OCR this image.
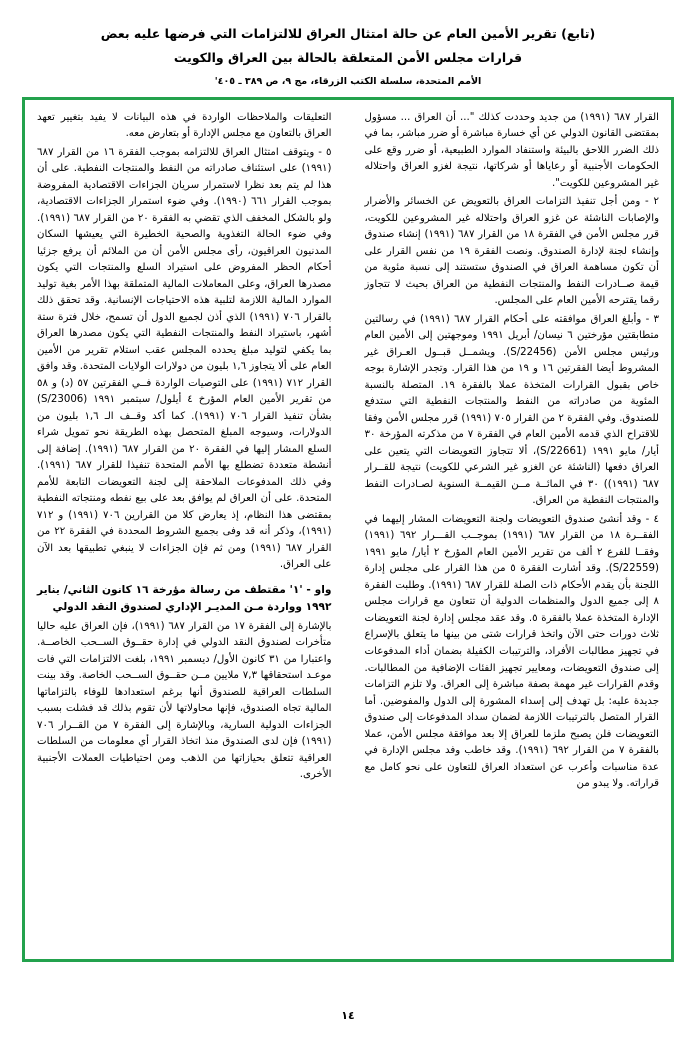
(تابع) تقرير الأمين العام عن حالة امتثال العراق للالتزامات التي فرضها عليه بعض
قرارات مجلس الأمن المتعلقة بالحالة بين العراق والكويت
الأمم المتحدة، سلسلة الكتب الزرقاء، مج ٩، ص ٣٨٩ ـ ٤٠٥'

القرار ٦٨٧ (١٩٩١) من جديد وحددت كذلك "... أن العراق ... مسؤول بمقتضى القانون الدولي عن أي خسارة مباشرة أو ضرر مباشر، بما في ذلك الضرر اللاحق بالبيئة واستنفاد الموارد الطبيعية، أو ضرر وقع على الحكومات الأجنبية أو رعاياها أو شركاتها، نتيجة لغزو العراق واحتلاله غير المشروعين للكويت".

٢ - ومن أجل تنفيذ التزامات العراق بالتعويض عن الخسائر والأضرار والإصابات الناشئة عن غزو العراق واحتلاله غير المشروعين للكويت، قرر مجلس الأمن في الفقرة ١٨ من القرار ٦٨٧ (١٩٩١) إنشاء صندوق وإنشاء لجنة لإدارة الصندوق. ونصت الفقرة ١٩ من نفس القرار على أن تكون مساهمة العراق في الصندوق ستستند إلى نسبة مئوية من قيمة صــادرات النفط والمنتجات النفطية من العراق بحيث لا تتجاوز رقما يقترحه الأمين العام على المجلس.

٣ - وأبلغ العراق موافقته على أحكام القرار ٦٨٧ (١٩٩١) في رسالتين متطابقتين مؤرختين ٦ نيسان/ أبريل ١٩٩١ وموجهتين إلى الأمين العام ورئيس مجلس الأمن (S/22456). ويشمــل قبــول العـراق غير المشروط أيضا الفقرتين ١٦ و ١٩ من هذا القرار. وتجدر الإشارة بوجه خاص بقبول القرارات المتخذة عملا بالفقرة ١٩. المتصلة بالنسبة المئوية من صادراته من النفط والمنتجات النفطية التي ستدفع للصندوق. وفي الفقرة ٢ من القرار ٧٠٥ (١٩٩١) قرر مجلس الأمن وفقا للاقتراح الذي قدمه الأمين العام في الفقرة ٧ من مذكرته المؤرخة ٣٠ أيار/ مايو ١٩٩١ (S/22661)، ألا تتجاوز التعويضات التي يتعين على العراق دفعها (الناشئة عن الغزو غير الشرعي للكويت) نتيجة للقــرار ٦٨٧ (١٩٩١)) ٣٠ في المائــة مــن القيمــة السنوية لصـادرات النفط والمنتجات النفطية من العراق.

٤ - وقد أنشئ صندوق التعويضات ولجنة التعويضات المشار إليهما في الفقــرة ١٨ من القرار ٦٨٧ (١٩٩١) بموجــب القـــرار ٦٩٢ (١٩٩١) وفقــا للفرع ٢ ألف من تقرير الأمين العام المؤرخ ٢ أيار/ مايو ١٩٩١ (S/22559). وقد أشارت الفقرة ٥ من هذا القرار على مجلس إدارة اللجنة بأن يقدم الأحكام ذات الصلة للقرار ٦٨٧ (١٩٩١). وطلبت الفقرة ٨ إلى جميع الدول والمنظمات الدولية أن تتعاون مع قرارات مجلس الإدارة المتخذة عملا بالفقرة ٥. وقد عقد مجلس إدارة لجنة التعويضات ثلاث دورات حتى الآن واتخذ قرارات شتى من بينها ما يتعلق بالإسراع في تجهيز مطالبات الأفراد، والترتيبات الكفيلة بضمان أداء المدفوعات إلى صندوق التعويضات، ومعايير تجهيز الفئات الإضافية من المطالبات. وقدم القرارات غير مهمة بصفة مباشرة إلى العراق. ولا تلزم التزامات جديدة عليه: بل تهدف إلى إسداء المشورة إلى الدول والمفوضين. أما القرار المتصل بالترتيبات اللازمة لضمان سداد المدفوعات إلى صندوق التعويضات فلن يصبح ملزما للعراق إلا بعد موافقة مجلس الأمن، عملا بالفقرة ٧ من القرار ٦٩٢ (١٩٩١). وقد خاطب وفد مجلس الإدارة في عدة مناسبات وأعرب عن استعداد العراق للتعاون على نحو كامل مع قراراته. ولا يبدو من

التعليقات والملاحظات الواردة في هذه البيانات لا يفيد بتغيير تعهد العراق بالتعاون مع مجلس الإدارة أو بتعارض معه.

٥ - ويتوقف امتثال العراق للالتزامه بموجب الفقرة ١٦ من القرار ٦٨٧ (١٩٩١) على استئناف صادراته من النفط والمنتجات النفطية. على أن هذا لم يتم بعد نظرا لاستمرار سريان الجزاءات الاقتصادية المفروضة بموجب القرار ٦٦١ (١٩٩٠). وفي ضوء استمرار الجزاءات الاقتصادية، ولو بالشكل المخفف الذي تقضي به الفقرة ٢٠ من القرار ٦٨٧ (١٩٩١). وفي ضوء الحالة التغذوية والصحية الخطيرة التي يعيشها السكان المدنيون العراقيون، رأى مجلس الأمن أن من الملائم أن يرفع جزئيا أحكام الحظر المفروض على استيراد السلع والمنتجات التي يكون مصدرها العراق، وعلى المعاملات المالية المتملقة بهذا الأمر بغية توليد الموارد المالية اللازمة لتلبية هذه الاحتياجات الإنسانية. وقد تحقق ذلك بالقرار ٧٠٦ (١٩٩١) الذي أذن لجميع الدول أن تسمح، خلال فترة ستة أشهر، باستيراد النفط والمنتجات النفطية التي يكون مصدرها العراق بما يكفي لتوليد مبلغ يحدده المجلس عقب استلام تقرير من الأمين العام على ألا يتجاوز ١,٦ بليون من دولارات الولايات المتحدة. وقد وافق القرار ٧١٢ (١٩٩١) على التوصيات الواردة فــي الفقرتين ٥٧ (د) و ٥٨ من تقرير الأمين العام المؤرخ ٤ أيلول/ سبتمبر ١٩٩١ (S/23006) بشأن تنفيذ القرار ٧٠٦ (١٩٩١). كما أكد وقــف الـ ١,٦ بليون من الدولارات، وسيوجه المبلغ المتحصل بهذه الطريقة نحو تمويل شراء السلع المشار إليها في الفقرة ٢٠ من القرار ٦٨٧ (١٩٩١). إضافة إلى أنشطة متعددة تضطلع بها الأمم المتحدة تنفيذا للقرار ٦٨٧ (١٩٩١). وفي ذلك المدفوعات الملاحقة إلى لجنة التعويضات التابعة للأمم المتحدة. على أن العراق لم يوافق بعد على بيع نفطه ومنتجاته النفطية بمقتضى هذا النظام، إذ يعارض كلا من القرارين ٧٠٦ (١٩٩١) و ٧١٢ (١٩٩١)، وذكر أنه قد وفى بجميع الشروط المحددة في الفقرة ٢٢ من القرار ٦٨٧ (١٩٩١) ومن ثم فإن الجزاءات لا ينبغي تطبيقها بعد الآن على العراق.

واو - '١' مقتطف من رسالة مؤرخة ١٦ كانون الثاني/ يناير ١٩٩٢ وواردة مـن المديـر الإداري لصندوق النقد الدولي

بالإشارة إلى الفقرة ١٧ من القرار ٦٨٧ (١٩٩١)، فإن العراق عليه حاليا متأخرات لصندوق النقد الدولي في إدارة حقــوق الســحب الخاصــة. واعتبارا من ٣١ كانون الأول/ ديسمبر ١٩٩١، بلغت الالتزامات التي فات موعـد استحقاقها ٧,٣ ملايين مــن حقــوق الســحب الخاصة. وقد بينت السلطات العراقية للصندوق أنها برغم استعدادها للوفاء بالتزاماتها المالية تجاه الصندوق، فإنها محاولاتها لأن تقوم بذلك قد فشلت بسبب الجزاءات الدولية السارية، وبالإشارة إلى الفقرة ٧ من القــرار ٧٠٦ (١٩٩١) فإن لدى الصندوق منذ اتخاذ القرار أي معلومات من السلطات العراقية تتعلق بحيازاتها من الذهب ومن احتياطيات العملات الأجنبية الأخرى.

١٤
